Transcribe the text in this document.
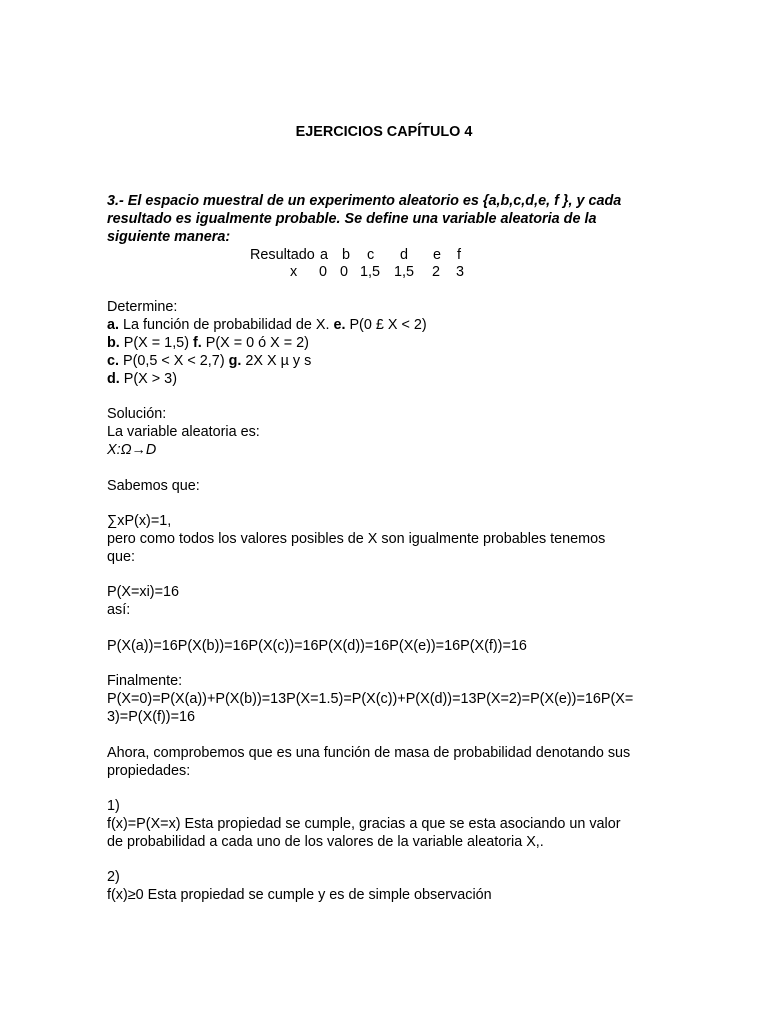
EJERCICIOS CAPÍTULO 4
3.- El espacio muestral de un experimento aleatorio es {a,b,c,d,e, f }, y cada
resultado es igualmente probable. Se define una variable aleatoria de la
siguiente manera:
Resultado a b c d e f
x 0 0 1,5 1,5 2 3
Determine:
a. La función de probabilidad de X. e. P(0 £ X < 2)
b. P(X = 1,5) f. P(X = 0 ó X = 2)
c. P(0,5 < X < 2,7) g. 2X X µ y s
d. P(X > 3)
Solución:
La variable aleatoria es:
X:Ω→D
Sabemos que:
∑xP(x)=1,
pero como todos los valores posibles de X son igualmente probables tenemos
que:
P(X=xi)=16
así:
P(X(a))=16P(X(b))=16P(X(c))=16P(X(d))=16P(X(e))=16P(X(f))=16
Finalmente:
P(X=0)=P(X(a))+P(X(b))=13P(X=1.5)=P(X(c))+P(X(d))=13P(X=2)=P(X(e))=16P(X=
3)=P(X(f))=16
Ahora, comprobemos que es una función de masa de probabilidad denotando sus
propiedades:
1)
f(x)=P(X=x) Esta propiedad se cumple, gracias a que se esta asociando un valor
de probabilidad a cada uno de los valores de la variable aleatoria X,.
2)
f(x)≥0 Esta propiedad se cumple y es de simple observación
